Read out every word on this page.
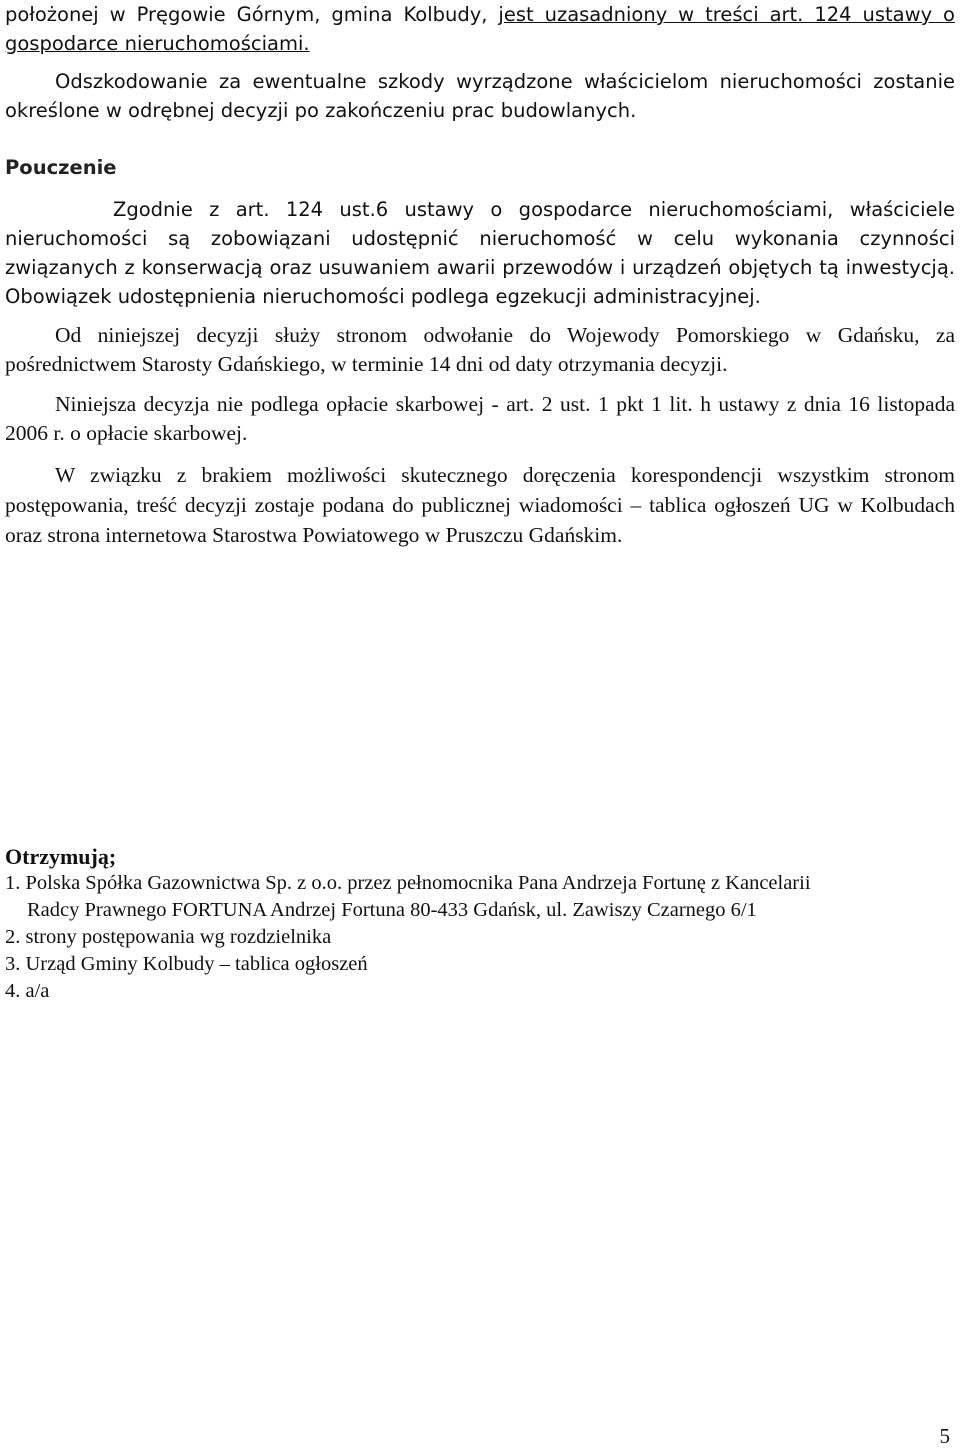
położonej w Pręgowie Górnym, gmina Kolbudy, jest uzasadniony w treści art. 124 ustawy o gospodarce nieruchomościami.

Odszkodowanie za ewentualne szkody wyrządzone właścicielom nieruchomości zostanie określone w odrębnej decyzji po zakończeniu prac budowlanych.

Pouczenie

Zgodnie z art. 124 ust.6 ustawy o gospodarce nieruchomościami, właściciele nieruchomości są zobowiązani udostępnić nieruchomość w celu wykonania czynności związanych z konserwacją oraz usuwaniem awarii przewodów i urządzeń objętych tą inwestycją. Obowiązek udostępnienia nieruchomości podlega egzekucji administracyjnej.

Od niniejszej decyzji służy stronom odwołanie do Wojewody Pomorskiego w Gdańsku, za pośrednictwem Starosty Gdańskiego, w terminie 14 dni od daty otrzymania decyzji.

Niniejsza decyzja nie podlega opłacie skarbowej - art. 2 ust. 1 pkt 1 lit. h ustawy z dnia 16 listopada 2006 r. o opłacie skarbowej.

W związku z brakiem możliwości skutecznego doręczenia korespondencji wszystkim stronom postępowania, treść decyzji zostaje podana do publicznej wiadomości – tablica ogłoszeń UG w Kolbudach oraz strona internetowa Starostwa Powiatowego w Pruszczu Gdańskim.

Otrzymują;
1. Polska Spółka Gazownictwa Sp. z o.o. przez pełnomocnika Pana Andrzeja Fortunę z Kancelarii
Radcy Prawnego FORTUNA Andrzej Fortuna 80-433 Gdańsk, ul. Zawiszy Czarnego 6/1
2. strony postępowania wg rozdzielnika
3. Urząd Gminy Kolbudy – tablica ogłoszeń
4. a/a
5
